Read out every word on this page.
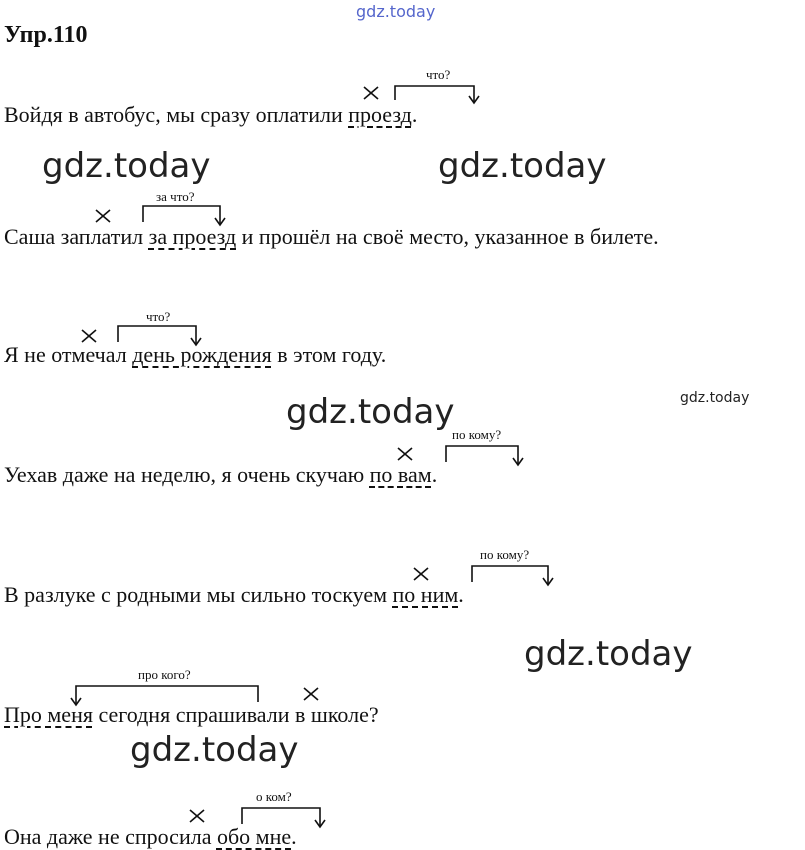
gdz.today
Упр.110
что?
Войдя в автобус, мы сразу оплатили проезд.
gdz.today	gdz.today
за что?
Саша заплатил за проезд и прошёл на своё место, указанное в билете.
что?
Я не отмечал день рождения в этом году.
gdz.today	gdz.today
по кому?
Уехав даже на неделю, я очень скучаю по вам.
по кому?
В разлуке с родными мы сильно тоскуем по ним.
gdz.today
про кого?
Про меня сегодня спрашивали в школе?
gdz.today
о ком?
Она даже не спросила обо мне.
